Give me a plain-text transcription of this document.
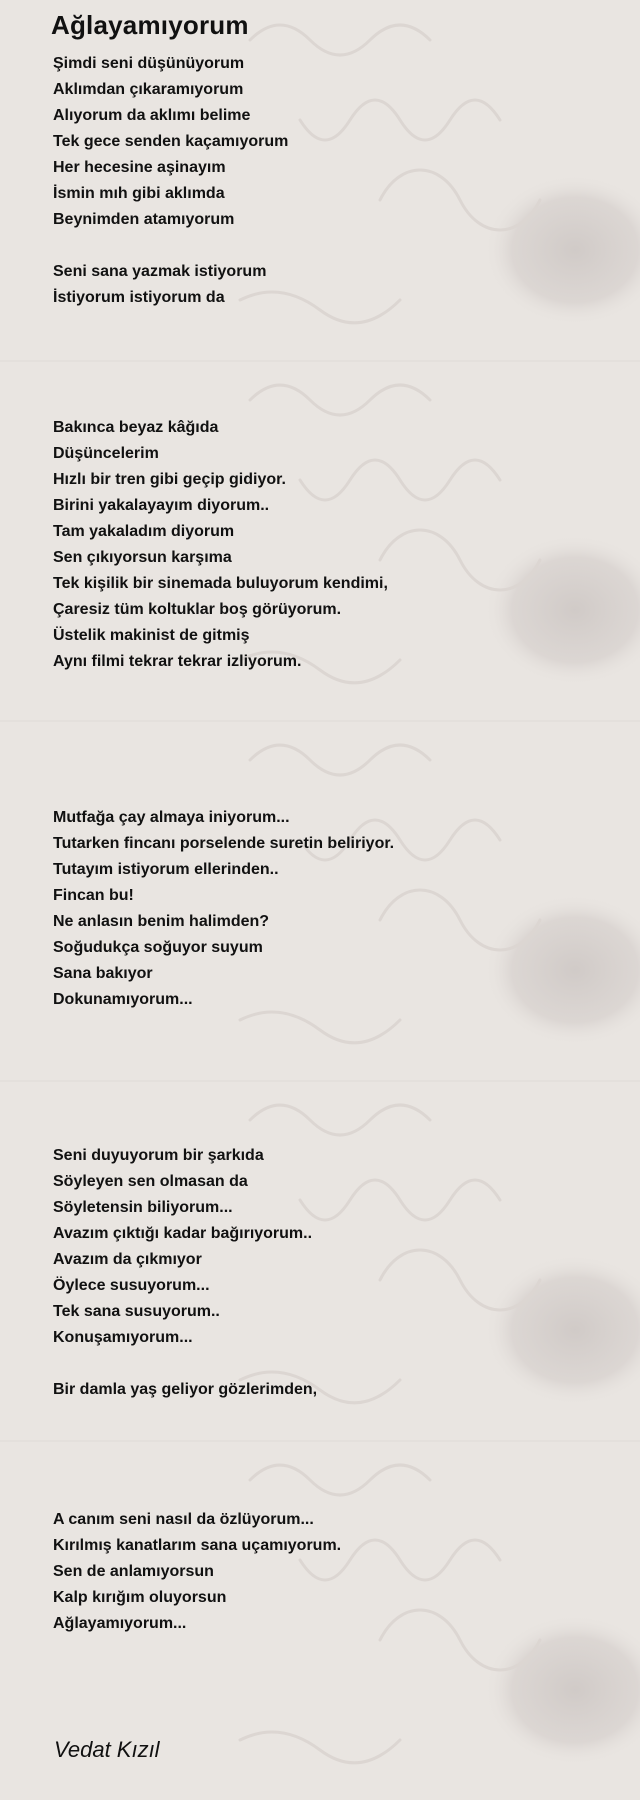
Ağlayamıyorum
Şimdi seni düşünüyorum
Aklımdan çıkaramıyorum
Alıyorum da aklımı belime
Tek gece senden kaçamıyorum
Her hecesine aşinayım
İsmin mıh gibi aklımda
Beynimden atamıyorum
Seni sana yazmak istiyorum
İstiyorum istiyorum da
Bakınca beyaz kâğıda
Düşüncelerim
Hızlı bir tren gibi geçip gidiyor.
Birini yakalayayım diyorum..
Tam yakaladım diyorum
Sen çıkıyorsun karşıma
Tek kişilik bir sinemada buluyorum kendimi,
Çaresiz tüm koltuklar boş görüyorum.
Üstelik makinist de gitmiş
Aynı filmi tekrar tekrar izliyorum.
Mutfağa çay almaya iniyorum...
Tutarken fincanı porselende suretin beliriyor.
Tutayım istiyorum ellerinden..
Fincan bu!
Ne anlasın benim halimden?
Soğudukça soğuyor suyum
Sana bakıyor
Dokunamıyorum...
Seni duyuyorum bir şarkıda
Söyleyen sen olmasan da
Söyletensin biliyorum...
Avazım çıktığı kadar bağırıyorum..
Avazım da çıkmıyor
Öylece susuyorum...
Tek sana susuyorum..
Konuşamıyorum...
Bir damla yaş geliyor gözlerimden,
A canım seni nasıl da özlüyorum...
Kırılmış kanatlarım sana uçamıyorum.
Sen de anlamıyorsun
Kalp kırığım oluyorsun
Ağlayamıyorum...
Vedat Kızıl
